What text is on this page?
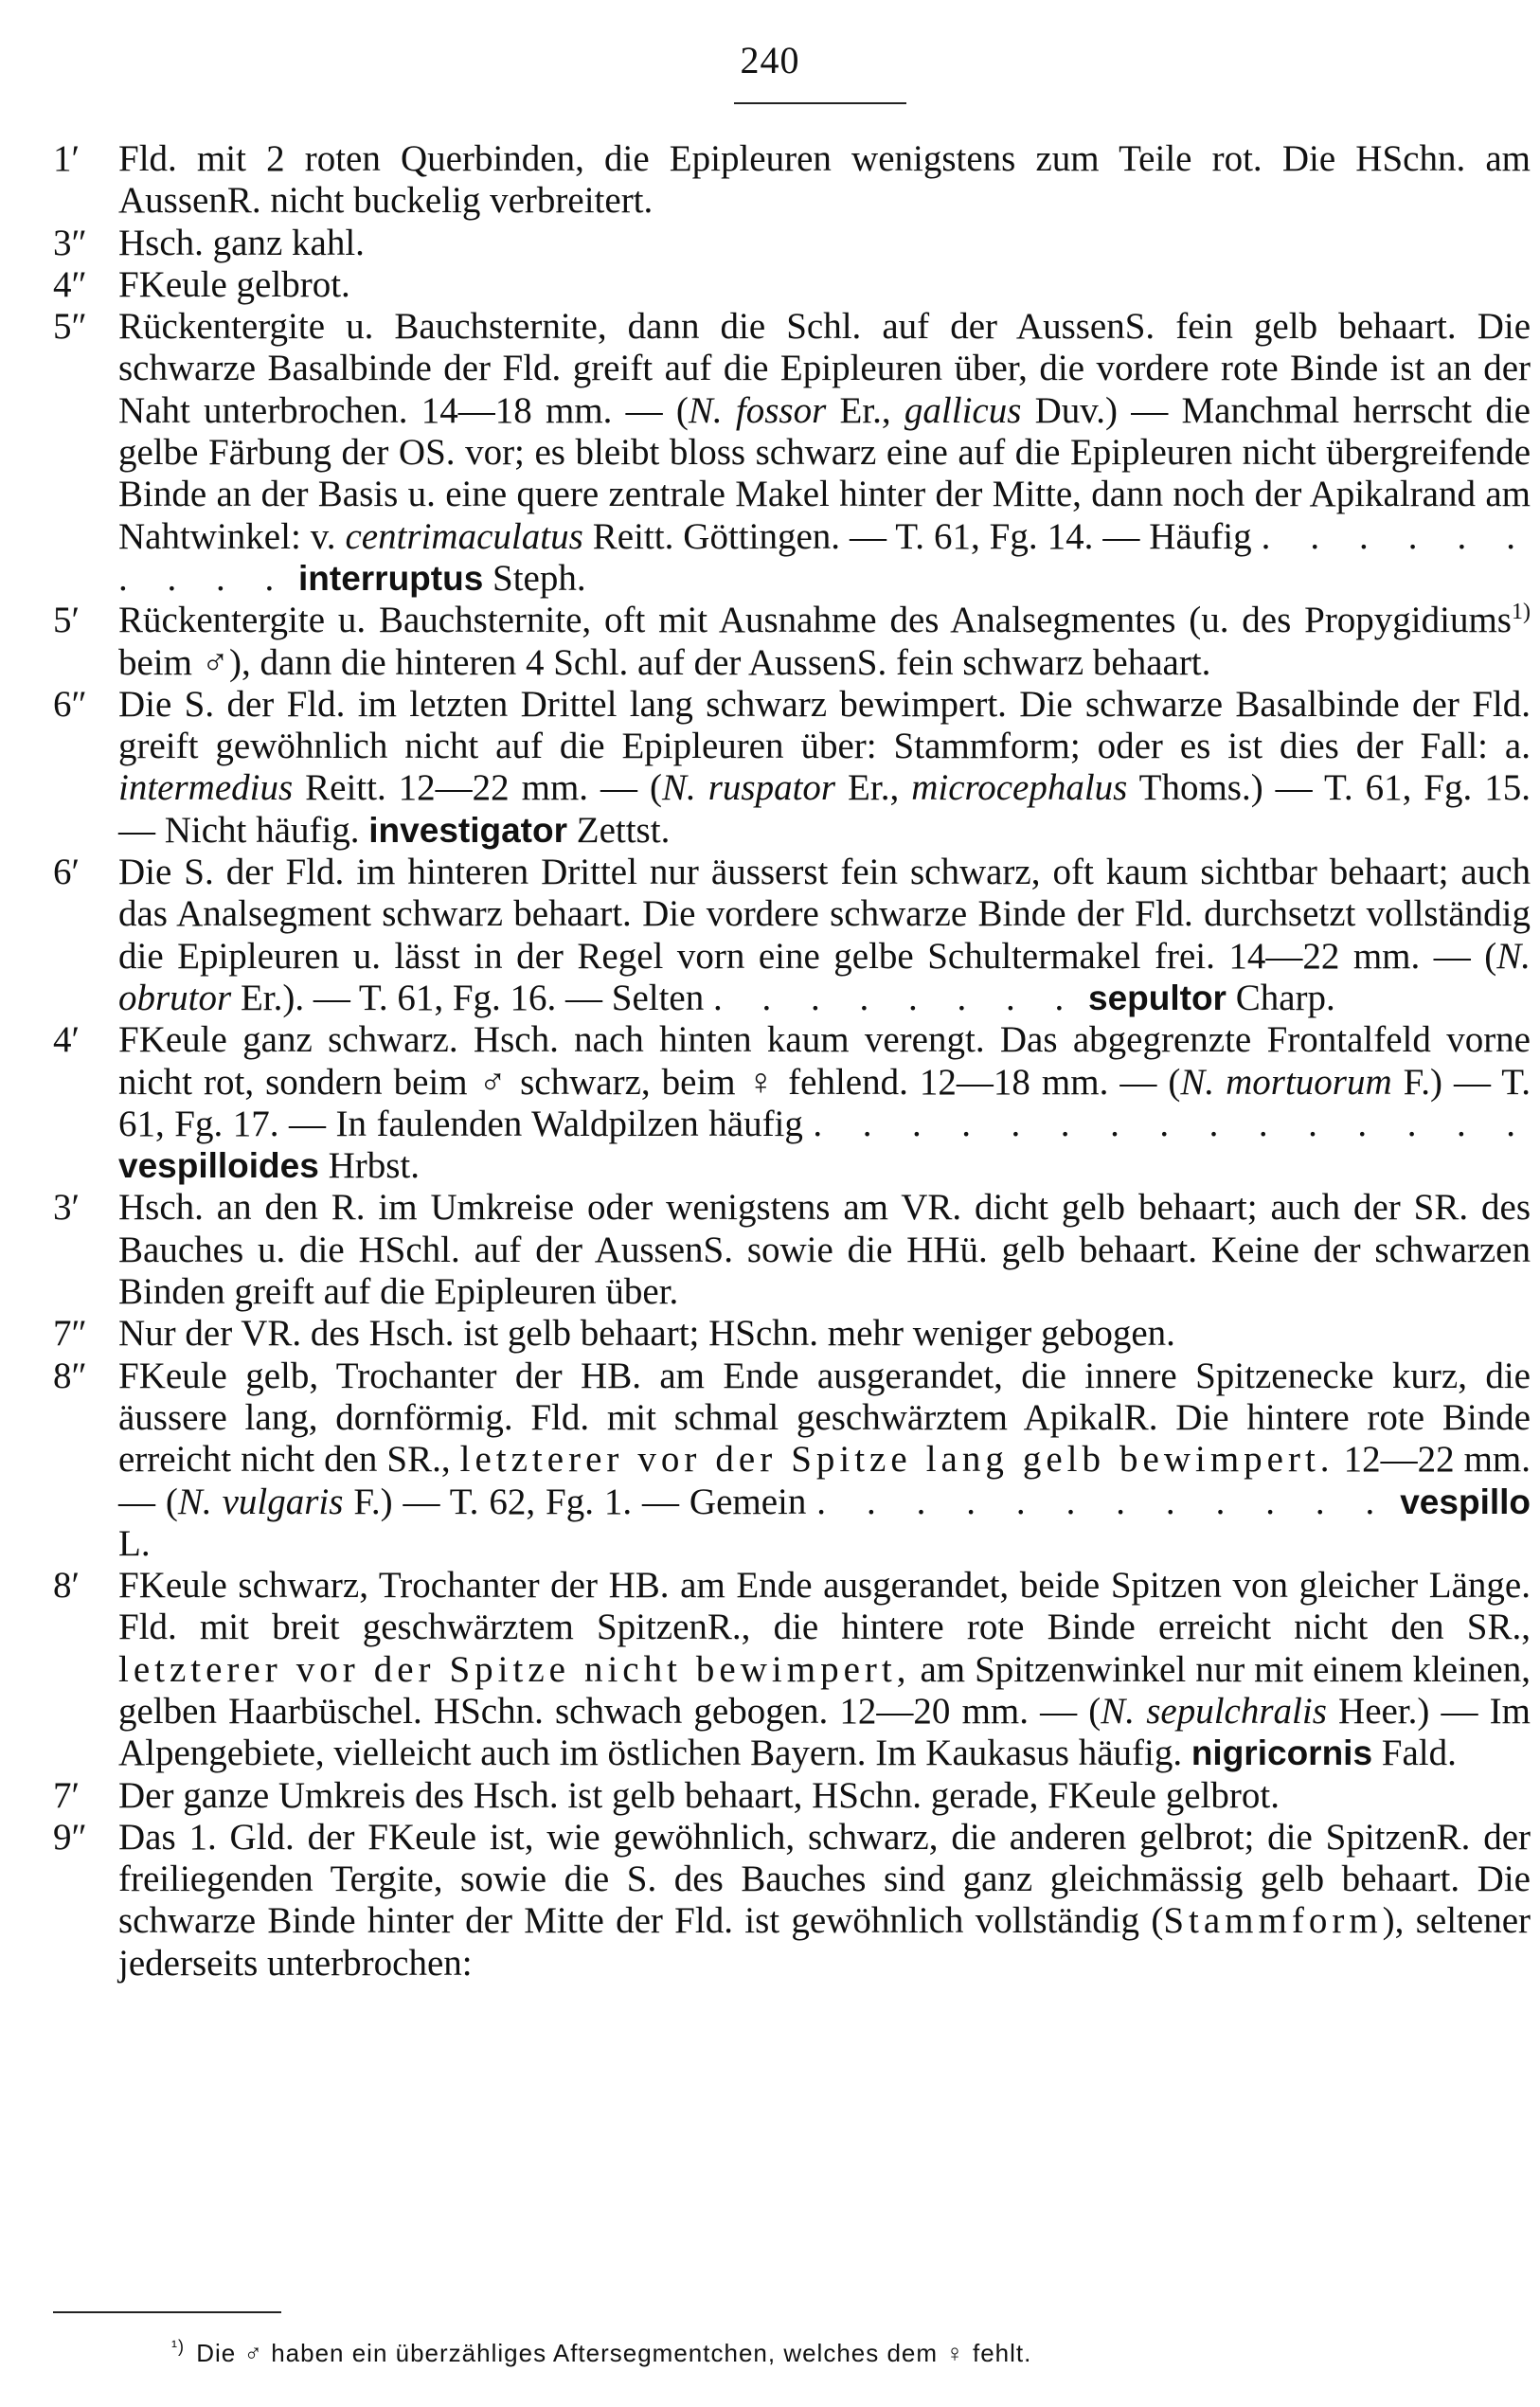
240
1′ Fld. mit 2 roten Querbinden, die Epipleuren wenigstens zum Teile rot. Die HSchn. am AussenR. nicht buckelig verbreitert.
3″ Hsch. ganz kahl.
4″ FKeule gelbrot.
5″ Rückentergite u. Bauchsternite, dann die Schl. auf der AussenS. fein gelb behaart. Die schwarze Basalbinde der Fld. greift auf die Epipleuren über, die vordere rote Binde ist an der Naht unterbrochen. 14—18 mm. — (N. fossor Er., gallicus Duv.) — Manchmal herrscht die gelbe Färbung der OS. vor; es bleibt bloss schwarz eine auf die Epipleuren nicht übergreifende Binde an der Basis u. eine quere zentrale Makel hinter der Mitte, dann noch der Apikalrand am Nahtwinkel: v. centrimaculatus Reitt. Göttingen. — T. 61, Fg. 14. — Häufig . . . . . . . . . . interruptus Steph.
5′ Rückentergite u. Bauchsternite, oft mit Ausnahme des Analsegmentes (u. des Propygidiums$^{1)}$ beim ♂), dann die hinteren 4 Schl. auf der AussenS. fein schwarz behaart.
6″ Die S. der Fld. im letzten Drittel lang schwarz bewimpert. Die schwarze Basalbinde der Fld. greift gewöhnlich nicht auf die Epipleuren über: Stammform; oder es ist dies der Fall: a. intermedius Reitt. 12—22 mm. — (N. ruspator Er., microcephalus Thoms.) — T. 61, Fg. 15. — Nicht häufig. investigator Zettst.
6′ Die S. der Fld. im hinteren Drittel nur äusserst fein schwarz, oft kaum sichtbar behaart; auch das Analsegment schwarz behaart. Die vordere schwarze Binde der Fld. durchsetzt vollständig die Epipleuren u. lässt in der Regel vorn eine gelbe Schultermakel frei. 14—22 mm. — (N. obrutor Er.). — T. 61, Fg. 16. — Selten . . . . . . . . sepultor Charp.
4′ FKeule ganz schwarz. Hsch. nach hinten kaum verengt. Das abgegrenzte Frontalfeld vorne nicht rot, sondern beim ♂ schwarz, beim ♀ fehlend. 12—18 mm. — (N. mortuorum F.) — T. 61, Fg. 17. — In faulenden Waldpilzen häufig . . . . . . . . . . . . . . . vespilloides Hrbst.
3′ Hsch. an den R. im Umkreise oder wenigstens am VR. dicht gelb behaart; auch der SR. des Bauches u. die HSchl. auf der AussenS. sowie die HHü. gelb behaart. Keine der schwarzen Binden greift auf die Epipleuren über.
7″ Nur der VR. des Hsch. ist gelb behaart; HSchn. mehr weniger gebogen.
8″ FKeule gelb, Trochanter der HB. am Ende ausgerandet, die innere Spitzenecke kurz, die äussere lang, dornförmig. Fld. mit schmal geschwärztem ApikalR. Die hintere rote Binde erreicht nicht den SR., letzterer vor der Spitze lang gelb bewimpert. 12—22 mm. — (N. vulgaris F.) — T. 62, Fg. 1. — Gemein . . . . . . . . . . . . vespillo L.
8′ FKeule schwarz, Trochanter der HB. am Ende ausgerandet, beide Spitzen von gleicher Länge. Fld. mit breit geschwärztem SpitzenR., die hintere rote Binde erreicht nicht den SR., letzterer vor der Spitze nicht bewimpert, am Spitzenwinkel nur mit einem kleinen, gelben Haarbüschel. HSchn. schwach gebogen. 12—20 mm. — (N. sepulchralis Heer.) — Im Alpengebiete, vielleicht auch im östlichen Bayern. Im Kaukasus häufig. nigricornis Fald.
7′ Der ganze Umkreis des Hsch. ist gelb behaart, HSchn. gerade, FKeule gelbrot.
9″ Das 1. Gld. der FKeule ist, wie gewöhnlich, schwarz, die anderen gelbrot; die SpitzenR. der freiliegenden Tergite, sowie die S. des Bauches sind ganz gleichmässig gelb behaart. Die schwarze Binde hinter der Mitte der Fld. ist gewöhnlich vollständig (Stammform), seltener jederseits unterbrochen:
$^{^1)}$ Die ♂ haben ein überzähliges Aftersegmentchen, welches dem ♀ fehlt.
